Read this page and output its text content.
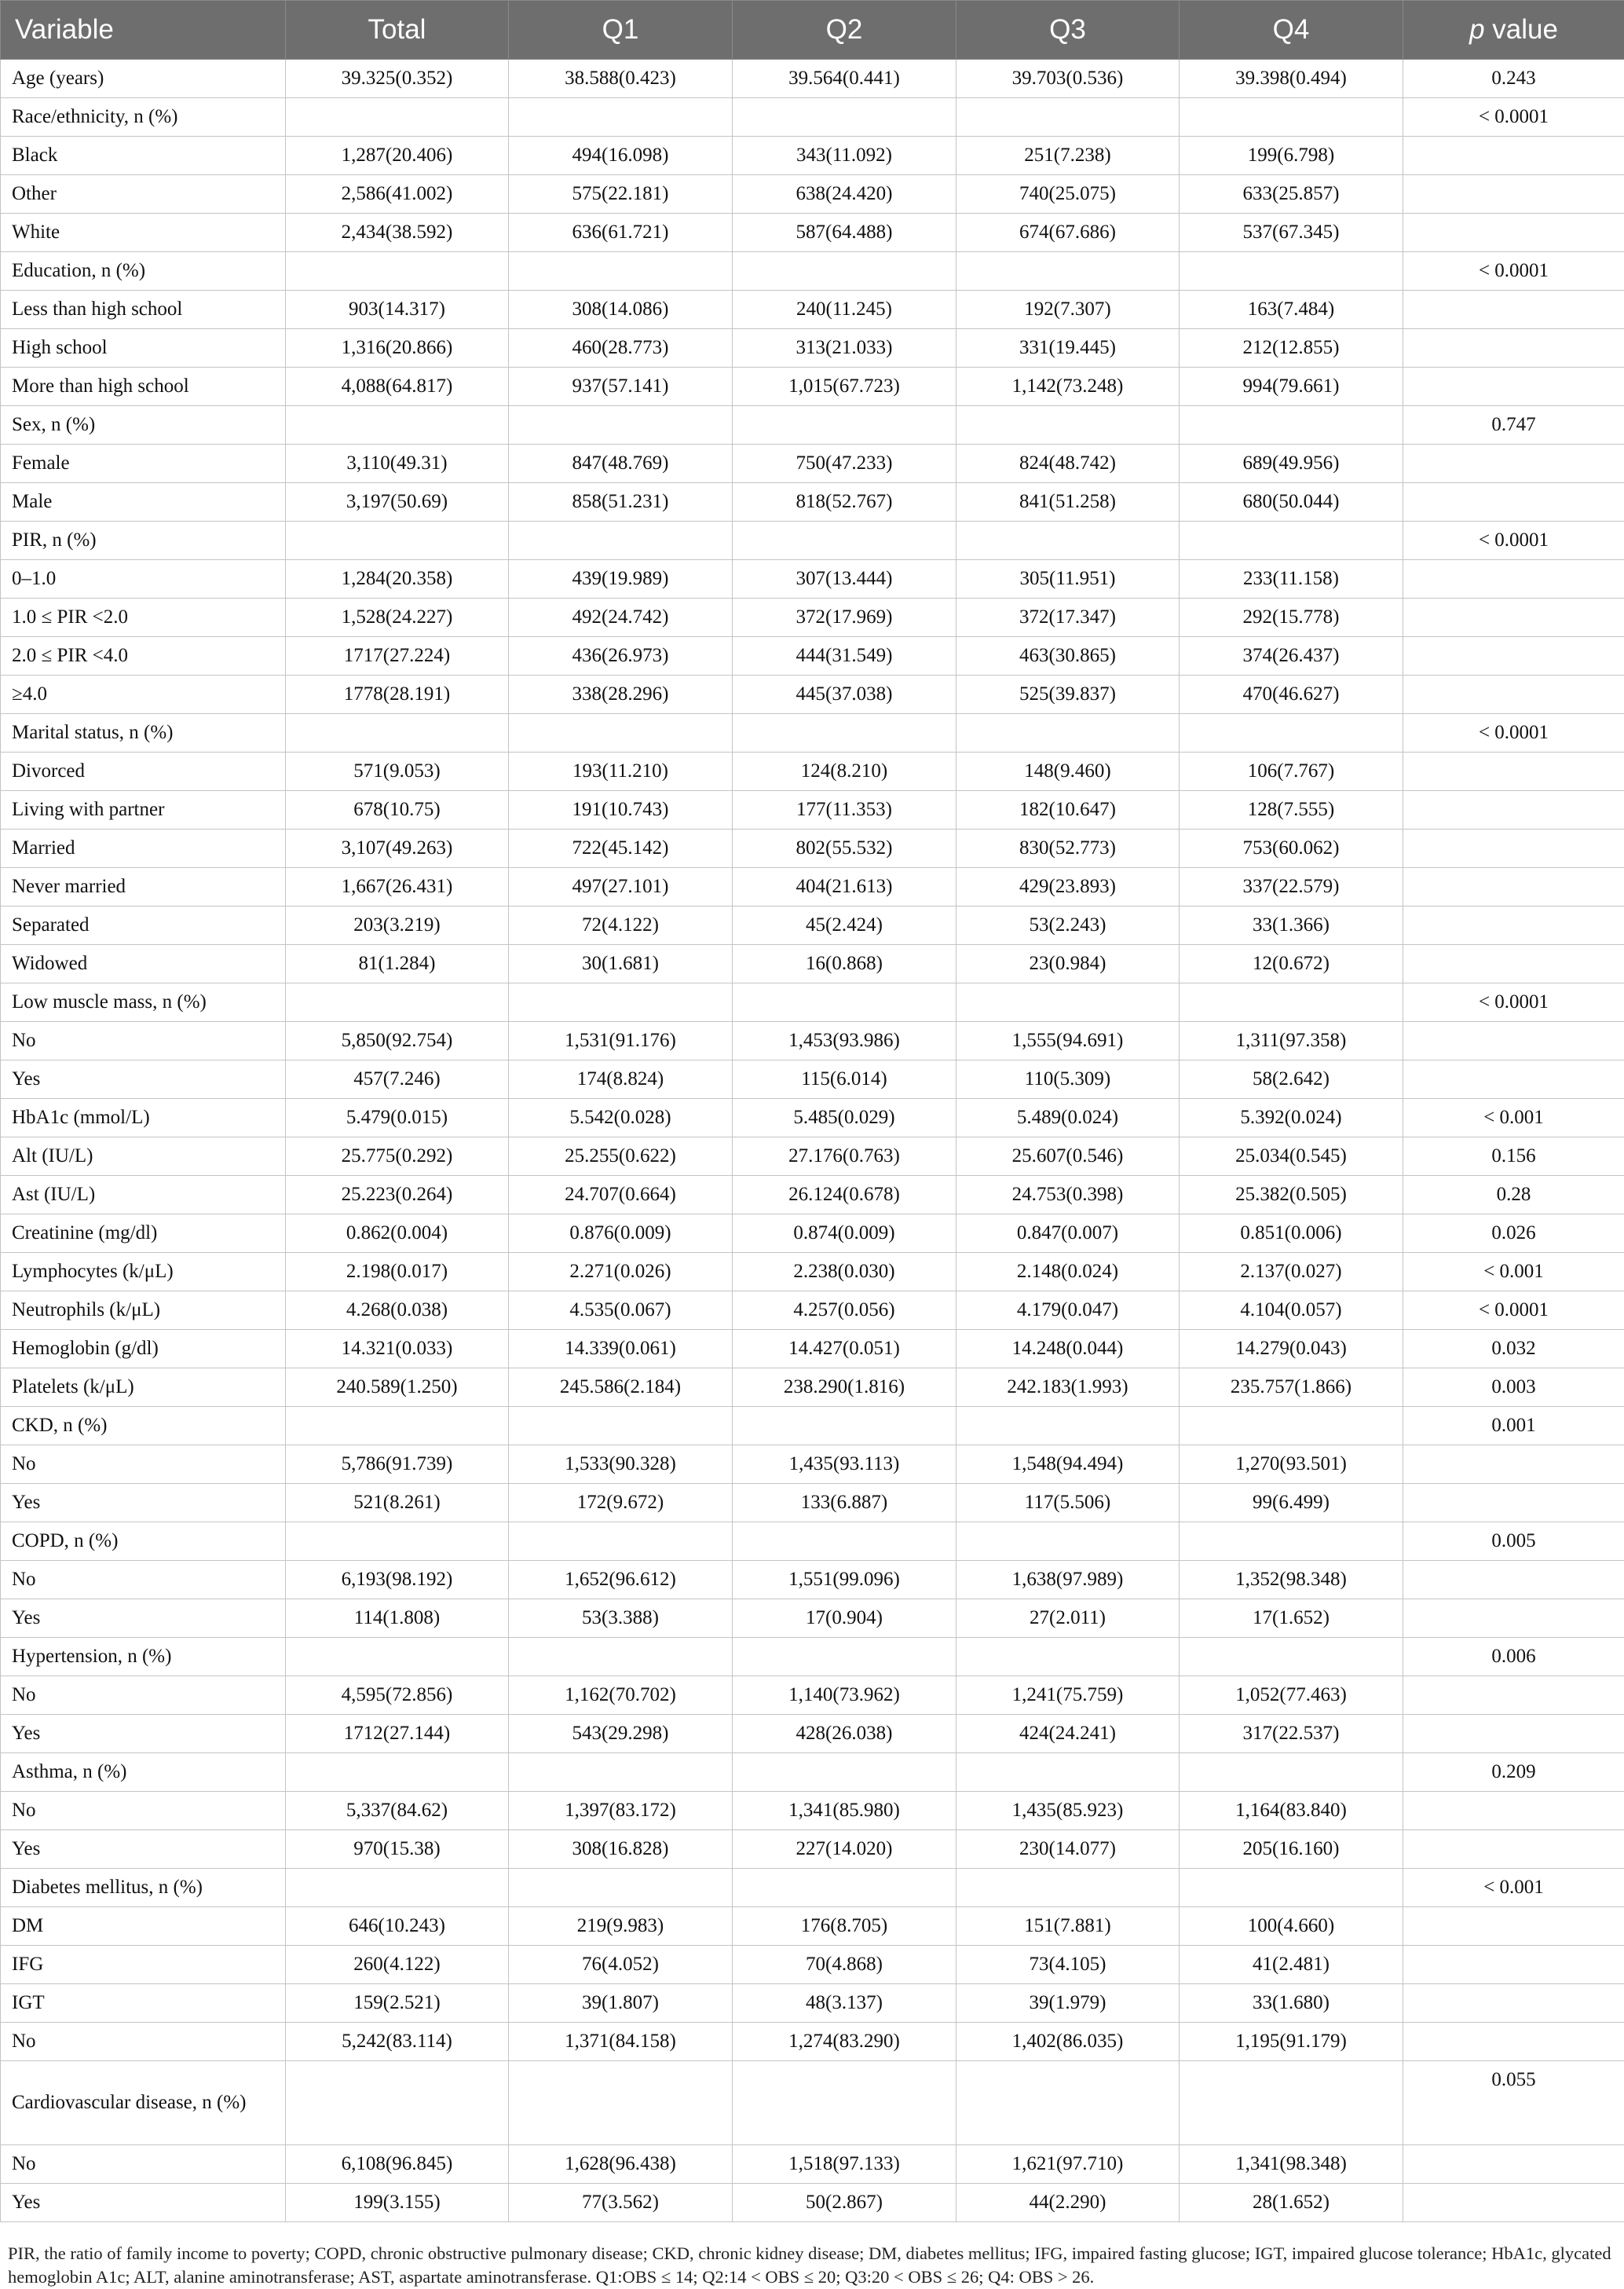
Variable	Total	Q1	Q2	Q3	Q4	p value
Age (years)	39.325(0.352)	38.588(0.423)	39.564(0.441)	39.703(0.536)	39.398(0.494)	0.243
Race/ethnicity, n (%)						< 0.0001
Black	1,287(20.406)	494(16.098)	343(11.092)	251(7.238)	199(6.798)	
Other	2,586(41.002)	575(22.181)	638(24.420)	740(25.075)	633(25.857)	
White	2,434(38.592)	636(61.721)	587(64.488)	674(67.686)	537(67.345)	
Education, n (%)						< 0.0001
Less than high school	903(14.317)	308(14.086)	240(11.245)	192(7.307)	163(7.484)	
High school	1,316(20.866)	460(28.773)	313(21.033)	331(19.445)	212(12.855)	
More than high school	4,088(64.817)	937(57.141)	1,015(67.723)	1,142(73.248)	994(79.661)	
Sex, n (%)						0.747
Female	3,110(49.31)	847(48.769)	750(47.233)	824(48.742)	689(49.956)	
Male	3,197(50.69)	858(51.231)	818(52.767)	841(51.258)	680(50.044)	
PIR, n (%)						< 0.0001
0–1.0	1,284(20.358)	439(19.989)	307(13.444)	305(11.951)	233(11.158)	
1.0 ≤ PIR <2.0	1,528(24.227)	492(24.742)	372(17.969)	372(17.347)	292(15.778)	
2.0 ≤ PIR <4.0	1717(27.224)	436(26.973)	444(31.549)	463(30.865)	374(26.437)	
≥4.0	1778(28.191)	338(28.296)	445(37.038)	525(39.837)	470(46.627)	
Marital status, n (%)						< 0.0001
Divorced	571(9.053)	193(11.210)	124(8.210)	148(9.460)	106(7.767)	
Living with partner	678(10.75)	191(10.743)	177(11.353)	182(10.647)	128(7.555)	
Married	3,107(49.263)	722(45.142)	802(55.532)	830(52.773)	753(60.062)	
Never married	1,667(26.431)	497(27.101)	404(21.613)	429(23.893)	337(22.579)	
Separated	203(3.219)	72(4.122)	45(2.424)	53(2.243)	33(1.366)	
Widowed	81(1.284)	30(1.681)	16(0.868)	23(0.984)	12(0.672)	
Low muscle mass, n (%)						< 0.0001
No	5,850(92.754)	1,531(91.176)	1,453(93.986)	1,555(94.691)	1,311(97.358)	
Yes	457(7.246)	174(8.824)	115(6.014)	110(5.309)	58(2.642)	
HbA1c (mmol/L)	5.479(0.015)	5.542(0.028)	5.485(0.029)	5.489(0.024)	5.392(0.024)	< 0.001
Alt (IU/L)	25.775(0.292)	25.255(0.622)	27.176(0.763)	25.607(0.546)	25.034(0.545)	0.156
Ast (IU/L)	25.223(0.264)	24.707(0.664)	26.124(0.678)	24.753(0.398)	25.382(0.505)	0.28
Creatinine (mg/dl)	0.862(0.004)	0.876(0.009)	0.874(0.009)	0.847(0.007)	0.851(0.006)	0.026
Lymphocytes (k/μL)	2.198(0.017)	2.271(0.026)	2.238(0.030)	2.148(0.024)	2.137(0.027)	< 0.001
Neutrophils (k/μL)	4.268(0.038)	4.535(0.067)	4.257(0.056)	4.179(0.047)	4.104(0.057)	< 0.0001
Hemoglobin (g/dl)	14.321(0.033)	14.339(0.061)	14.427(0.051)	14.248(0.044)	14.279(0.043)	0.032
Platelets (k/μL)	240.589(1.250)	245.586(2.184)	238.290(1.816)	242.183(1.993)	235.757(1.866)	0.003
CKD, n (%)						0.001
No	5,786(91.739)	1,533(90.328)	1,435(93.113)	1,548(94.494)	1,270(93.501)	
Yes	521(8.261)	172(9.672)	133(6.887)	117(5.506)	99(6.499)	
COPD, n (%)						0.005
No	6,193(98.192)	1,652(96.612)	1,551(99.096)	1,638(97.989)	1,352(98.348)	
Yes	114(1.808)	53(3.388)	17(0.904)	27(2.011)	17(1.652)	
Hypertension, n (%)						0.006
No	4,595(72.856)	1,162(70.702)	1,140(73.962)	1,241(75.759)	1,052(77.463)	
Yes	1712(27.144)	543(29.298)	428(26.038)	424(24.241)	317(22.537)	
Asthma, n (%)						0.209
No	5,337(84.62)	1,397(83.172)	1,341(85.980)	1,435(85.923)	1,164(83.840)	
Yes	970(15.38)	308(16.828)	227(14.020)	230(14.077)	205(16.160)	
Diabetes mellitus, n (%)						< 0.001
DM	646(10.243)	219(9.983)	176(8.705)	151(7.881)	100(4.660)	
IFG	260(4.122)	76(4.052)	70(4.868)	73(4.105)	41(2.481)	
IGT	159(2.521)	39(1.807)	48(3.137)	39(1.979)	33(1.680)	
No	5,242(83.114)	1,371(84.158)	1,274(83.290)	1,402(86.035)	1,195(91.179)	
Cardiovascular disease, n (%)						0.055
No	6,108(96.845)	1,628(96.438)	1,518(97.133)	1,621(97.710)	1,341(98.348)	
Yes	199(3.155)	77(3.562)	50(2.867)	44(2.290)	28(1.652)	
PIR, the ratio of family income to poverty; COPD, chronic obstructive pulmonary disease; CKD, chronic kidney disease; DM, diabetes mellitus; IFG, impaired fasting glucose; IGT, impaired glucose tolerance; HbA1c, glycated hemoglobin A1c; ALT, alanine aminotransferase; AST, aspartate aminotransferase. Q1:OBS ≤ 14; Q2:14 < OBS ≤ 20; Q3:20 < OBS ≤ 26; Q4: OBS > 26.
